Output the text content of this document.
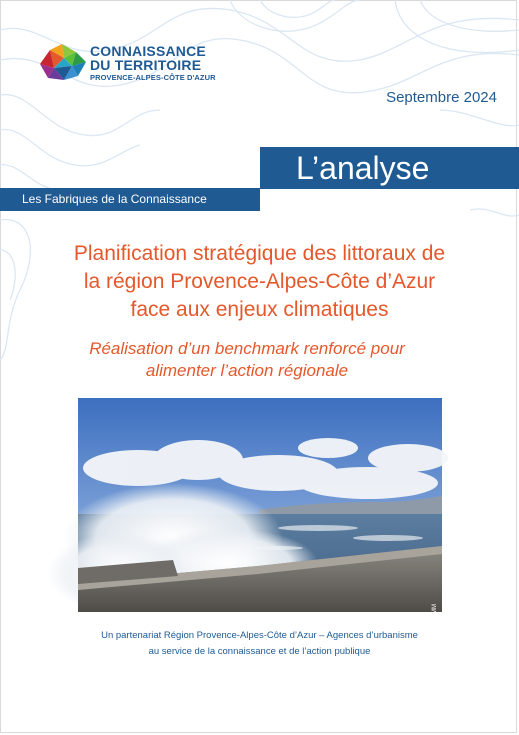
CONNAISSANCE

DU TERRITOIRE

PROVENCE-ALPES-CÔTE D'AZUR
Septembre 2024
L’analyse
Les Fabriques de la Connaissance
Planification stratégique des littoraux de
la région Provence-Alpes-Côte d’Azur
face aux enjeux climatiques
Réalisation d’un benchmark renforcé pour
alimenter l’action régionale
© GPMM
Un partenariat Région Provence-Alpes-Côte d’Azur – Agences d’urbanisme
au service de la connaissance et de l’action publique
